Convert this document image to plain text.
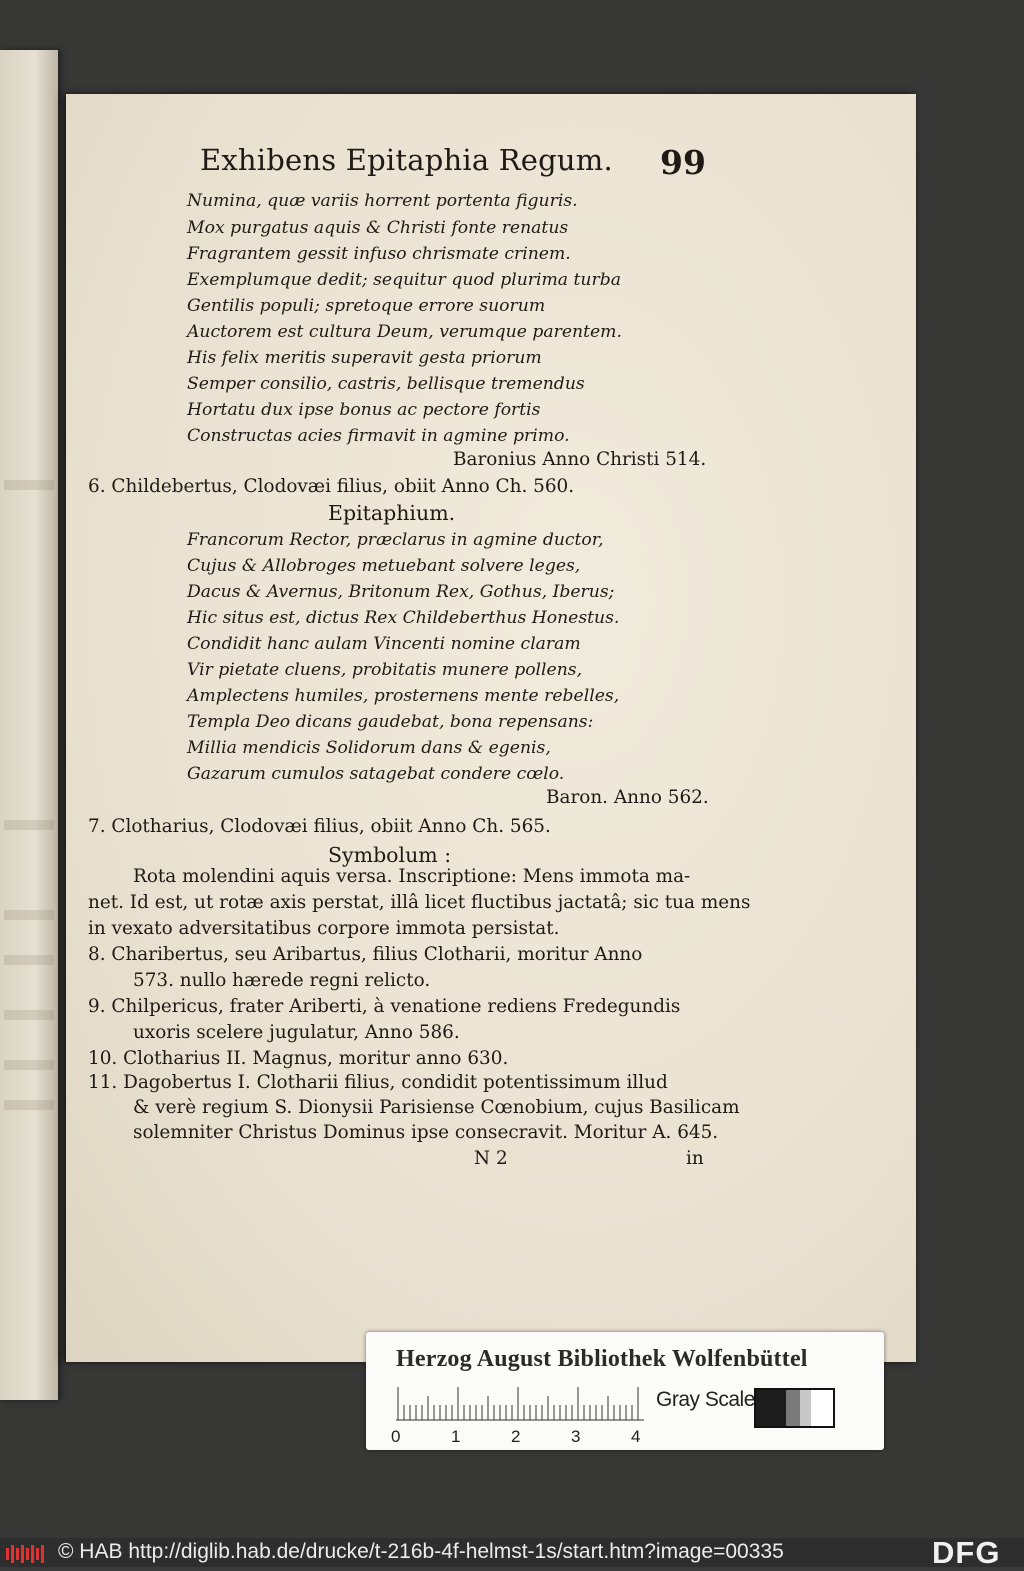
Exhibens Epitaphia Regum. 99
Numina, quæ variis horrent portenta figuris.
Mox purgatus aquis & Christi fonte renatus
Fragrantem gessit infuso chrismate crinem.
Exemplumque dedit; sequitur quod plurima turba
Gentilis populi; spretoque errore suorum
Auctorem est cultura Deum, verumque parentem.
His felix meritis superavit gesta priorum
Semper consilio, castris, bellisque tremendus
Hortatu dux ipse bonus ac pectore fortis
Constructas acies firmavit in agmine primo.
Baronius Anno Christi 514.
6. Childebertus, Clodovæi filius, obiit Anno Ch. 560.
Epitaphium.
Francorum Rector, præclarus in agmine ductor,
Cujus & Allobroges metuebant solvere leges,
Dacus & Avernus, Britonum Rex, Gothus, Iberus;
Hic situs est, dictus Rex Childeberthus Honestus.
Condidit hanc aulam Vincenti nomine claram
Vir pietate cluens, probitatis munere pollens,
Amplectens humiles, prosternens mente rebelles,
Templa Deo dicans gaudebat, bona repensans:
Millia mendicis Solidorum dans & egenis,
Gazarum cumulos satagebat condere cœlo.
Baron. Anno 562.
7. Clotharius, Clodovæi filius, obiit Anno Ch. 565.
Symbolum :
Rota molendini aquis versa. Inscriptione: Mens immota ma-
net. Id est, ut rotæ axis perstat, illâ licet fluctibus jactatâ; sic tua mens
in vexato adversitatibus corpore immota persistat.
8. Charibertus, seu Aribartus, filius Clotharii, moritur Anno
573. nullo hærede regni relicto.
9. Chilpericus, frater Ariberti, à venatione rediens Fredegundis
uxoris scelere jugulatur, Anno 586.
10. Clotharius II. Magnus, moritur anno 630.
11. Dagobertus I. Clotharii filius, condidit potentissimum illud
& verè regium S. Dionysii Parisiense Cœnobium, cujus Basilicam
solemniter Christus Dominus ipse consecravit. Moritur A. 645.
N 2	in
Herzog August Bibliothek Wolfenbüttel
0	1	2	3	4
Gray Scale
© HAB http://diglib.hab.de/drucke/t-216b-4f-helmst-1s/start.htm?image=00335	DFG
